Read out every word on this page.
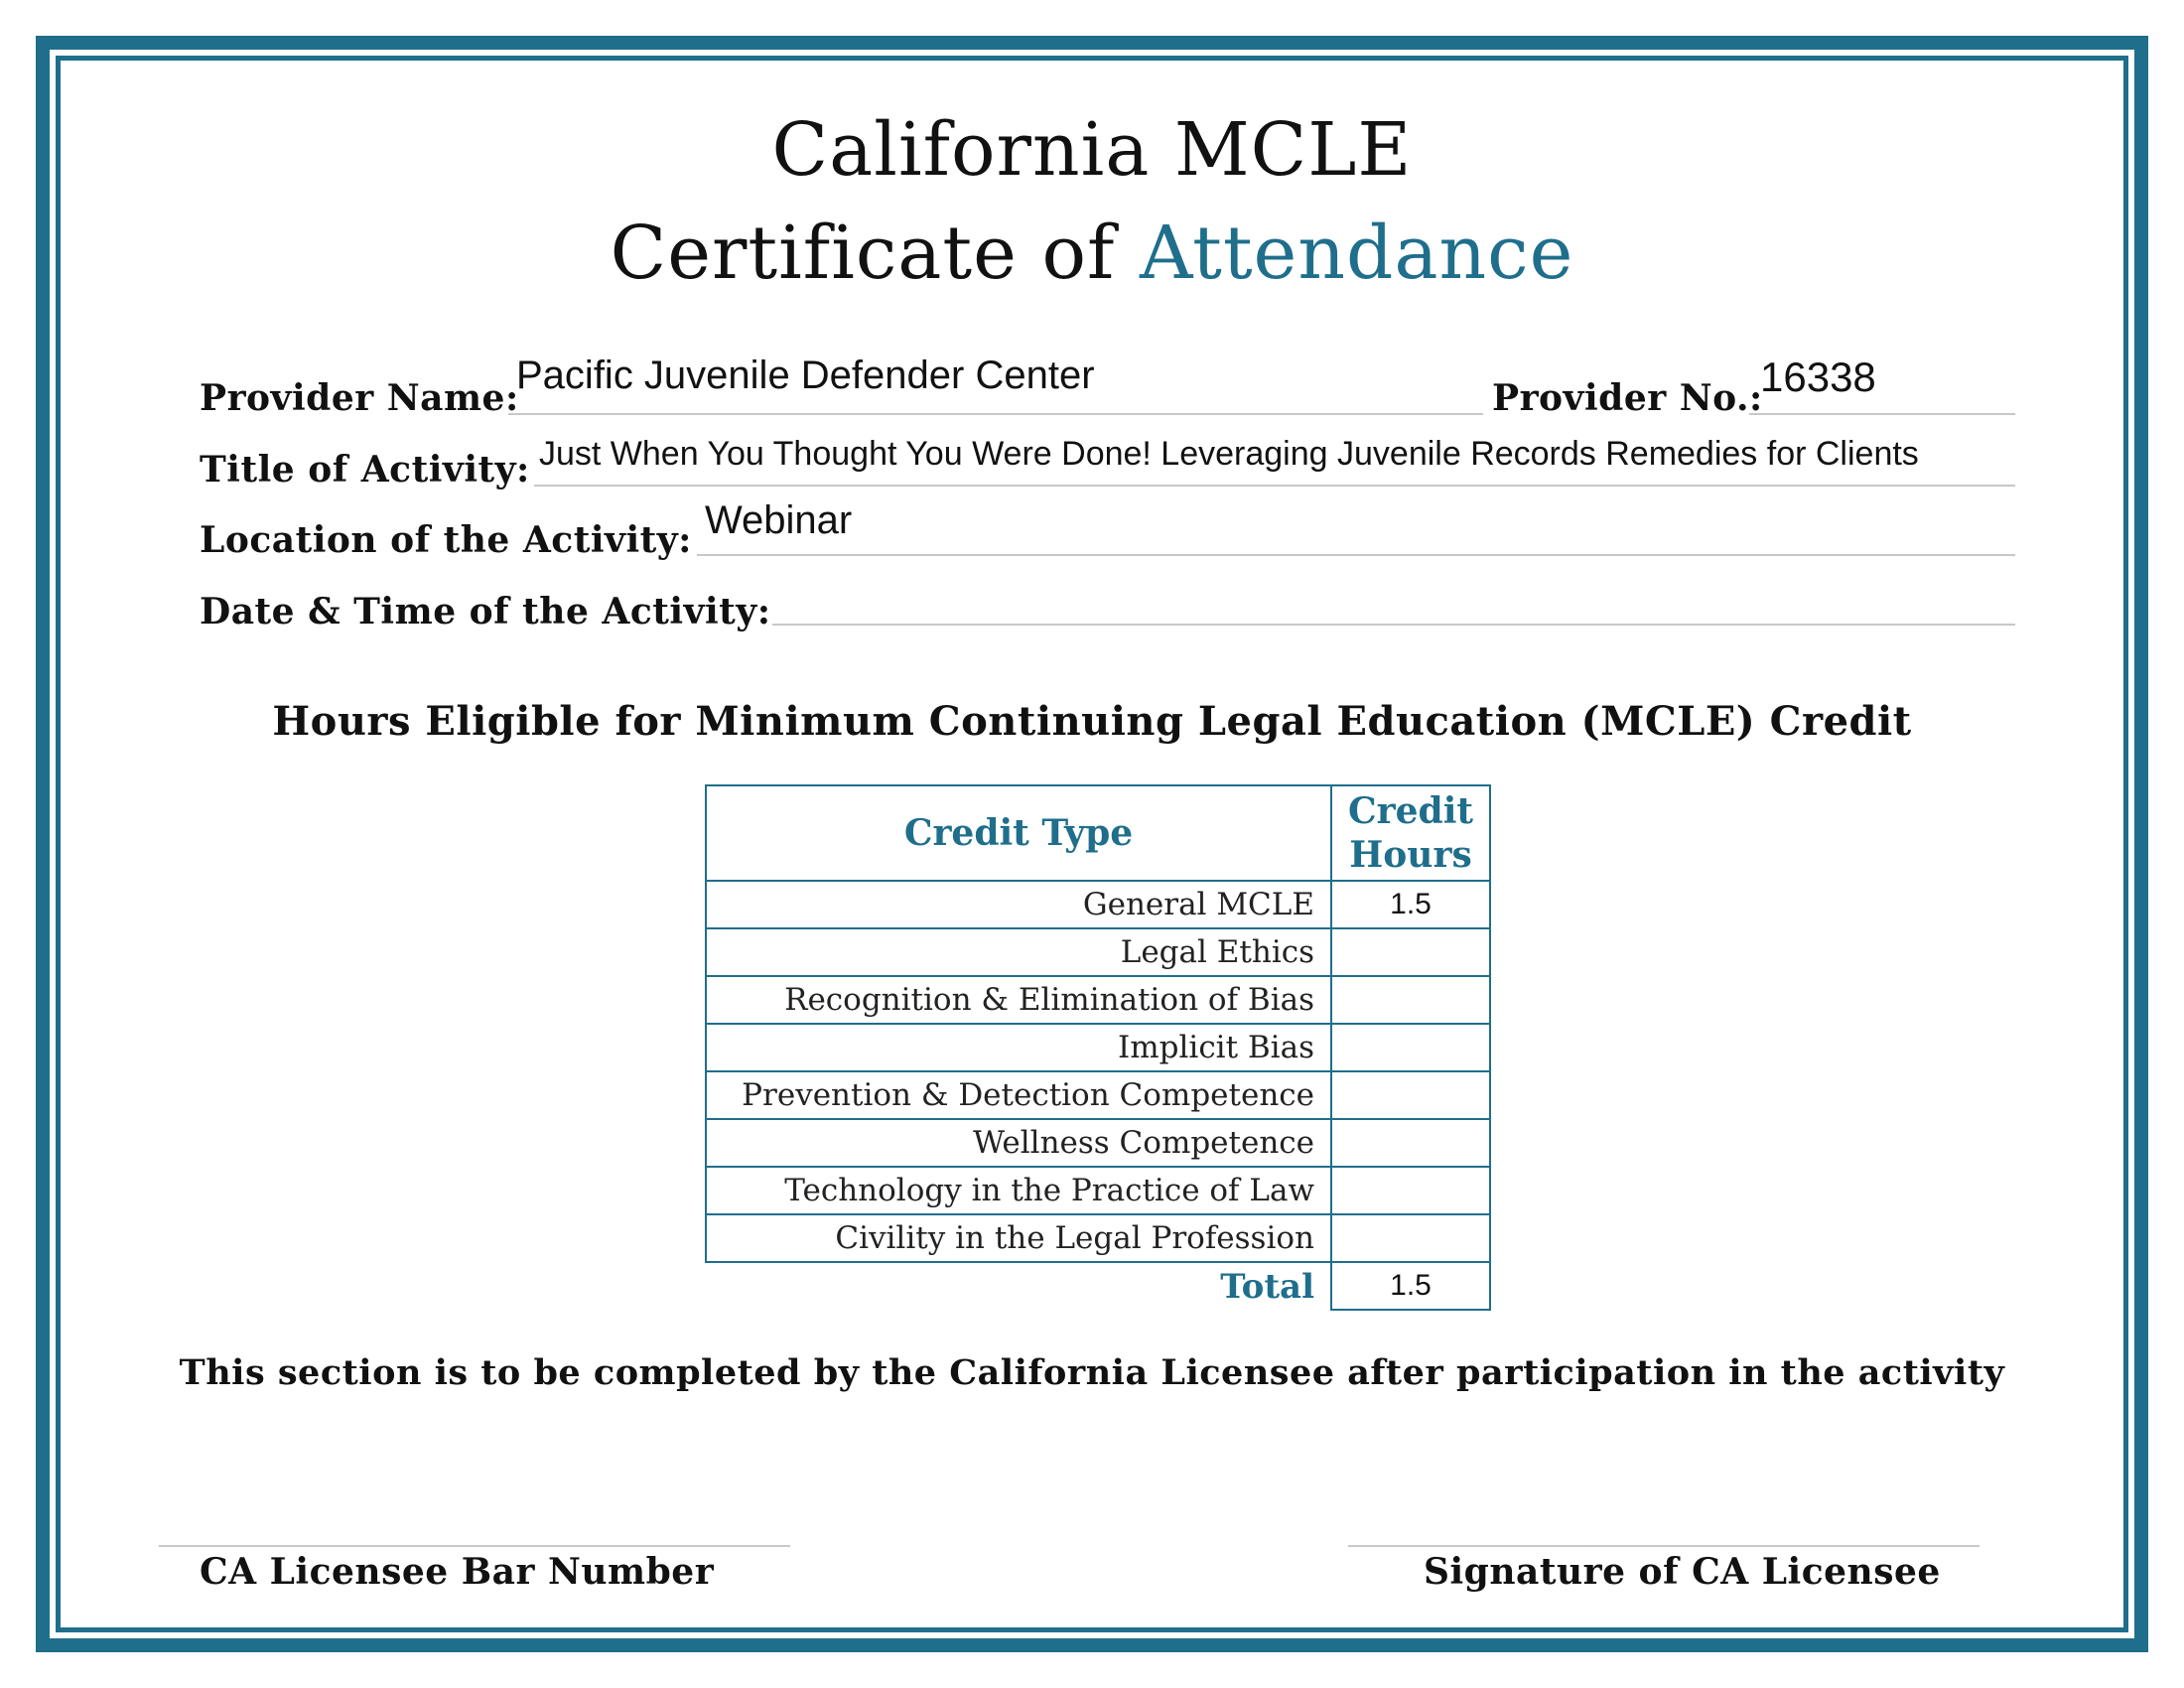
California MCLE
Certificate of Attendance
Provider Name:
Pacific Juvenile Defender Center
Provider No.:
16338
Title of Activity: Just When You Thought You Were Done! Leveraging Juvenile Records Remedies for Clients
Location of the Activity: Webinar
Date & Time of the Activity:
Hours Eligible for Minimum Continuing Legal Education (MCLE) Credit
Credit Type	Credit
Hours
General MCLE	1.5
Legal Ethics	
Recognition & Elimination of Bias	
Implicit Bias	
Prevention & Detection Competence	
Wellness Competence	
Technology in the Practice of Law	
Civility in the Legal Profession	
Total	1.5
This section is to be completed by the California Licensee after participation in the activity
CA Licensee Bar Number	Signature of CA Licensee
